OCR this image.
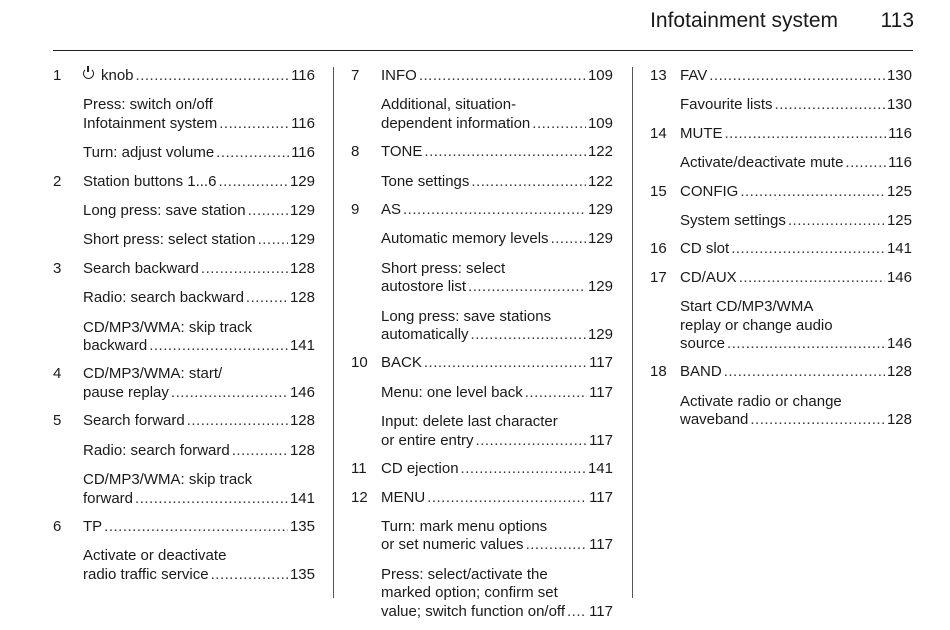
Infotainment system 113
1	knob .....	116
Press: switch on/off
Infotainment system .....	116
Turn: adjust volume .....	116
2 Station buttons 1...6 .....	129
Long press: save station .....	129
Short press: select station ..... 129
3 Search backward .....	128
Radio: search backward .....	128
CD/MP3/WMA: skip track
backward .....	141
4 CD/MP3/WMA: start/
pause replay .....	146
5 Search forward .....	128
Radio: search forward .....	128
CD/MP3/WMA: skip track
forward .....	141
6 TP .....	135
Activate or deactivate
radio traffic service .....	135
7 INFO .....	109
Additional, situation-
dependent information .....	109
8 TONE .....	122
Tone settings .....	122
9 AS .....	129
Automatic memory levels .....	129
Short press: select
autostore list .....	129
Long press: save stations
automatically .....	129
10 BACK .....	117
Menu: one level back .....	117
Input: delete last character
or entire entry .....	117
11 CD ejection .....	141
12 MENU .....	117
Turn: mark menu options
or set numeric values .....	117
Press: select/activate the
marked option; confirm set
value; switch function on/off ..... 117
13 FAV .....	130
Favourite lists .....	130
14 MUTE .....	116
Activate/deactivate mute .....	116
15 CONFIG .....	125
System settings .....	125
16 CD slot .....	141
17 CD/AUX .....	146
Start CD/MP3/WMA
replay or change audio
source .....	146
18 BAND .....	128
Activate radio or change
waveband .....	128
